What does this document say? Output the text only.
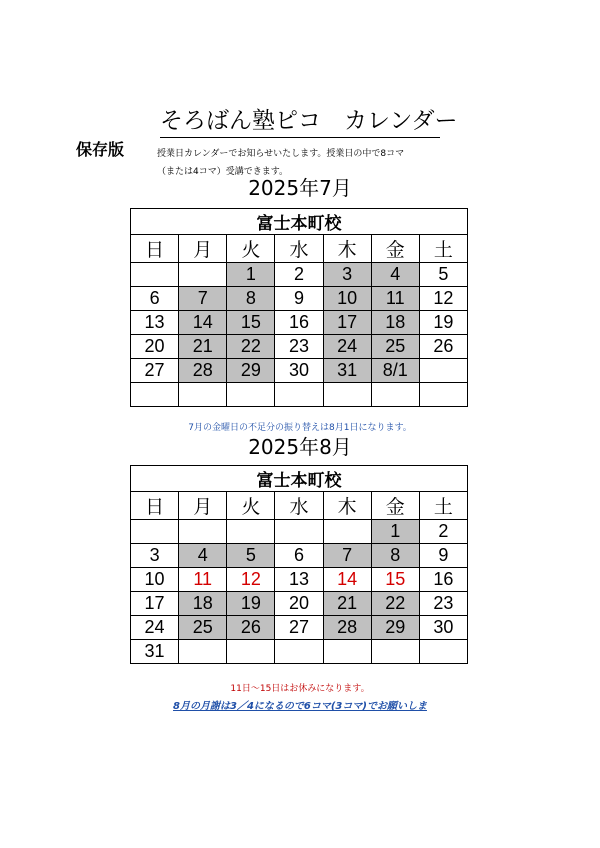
そろばん塾ピコ　カレンダー
保存版	授業日カレンダーでお知らせいたします。授業日の中で8コマ
（または4コマ）受講できます。
2025年7月
富士本町校						
日	月	火	水	木	金	土
		1	2	3	4	5
6	7	8	9	10	11	12
13	14	15	16	17	18	19
20	21	22	23	24	25	26
27	28	29	30	31	8/1	

7月の金曜日の不足分の振り替えは8月1日になります。
2025年8月
富士本町校						
日	月	火	水	木	金	土
					1	2
3	4	5	6	7	8	9
10	11	12	13	14	15	16
17	18	19	20	21	22	23
24	25	26	27	28	29	30
31						
11日～15日はお休みになります。
8月の月謝は3／4になるので6コマ(3コマ)でお願いしま
